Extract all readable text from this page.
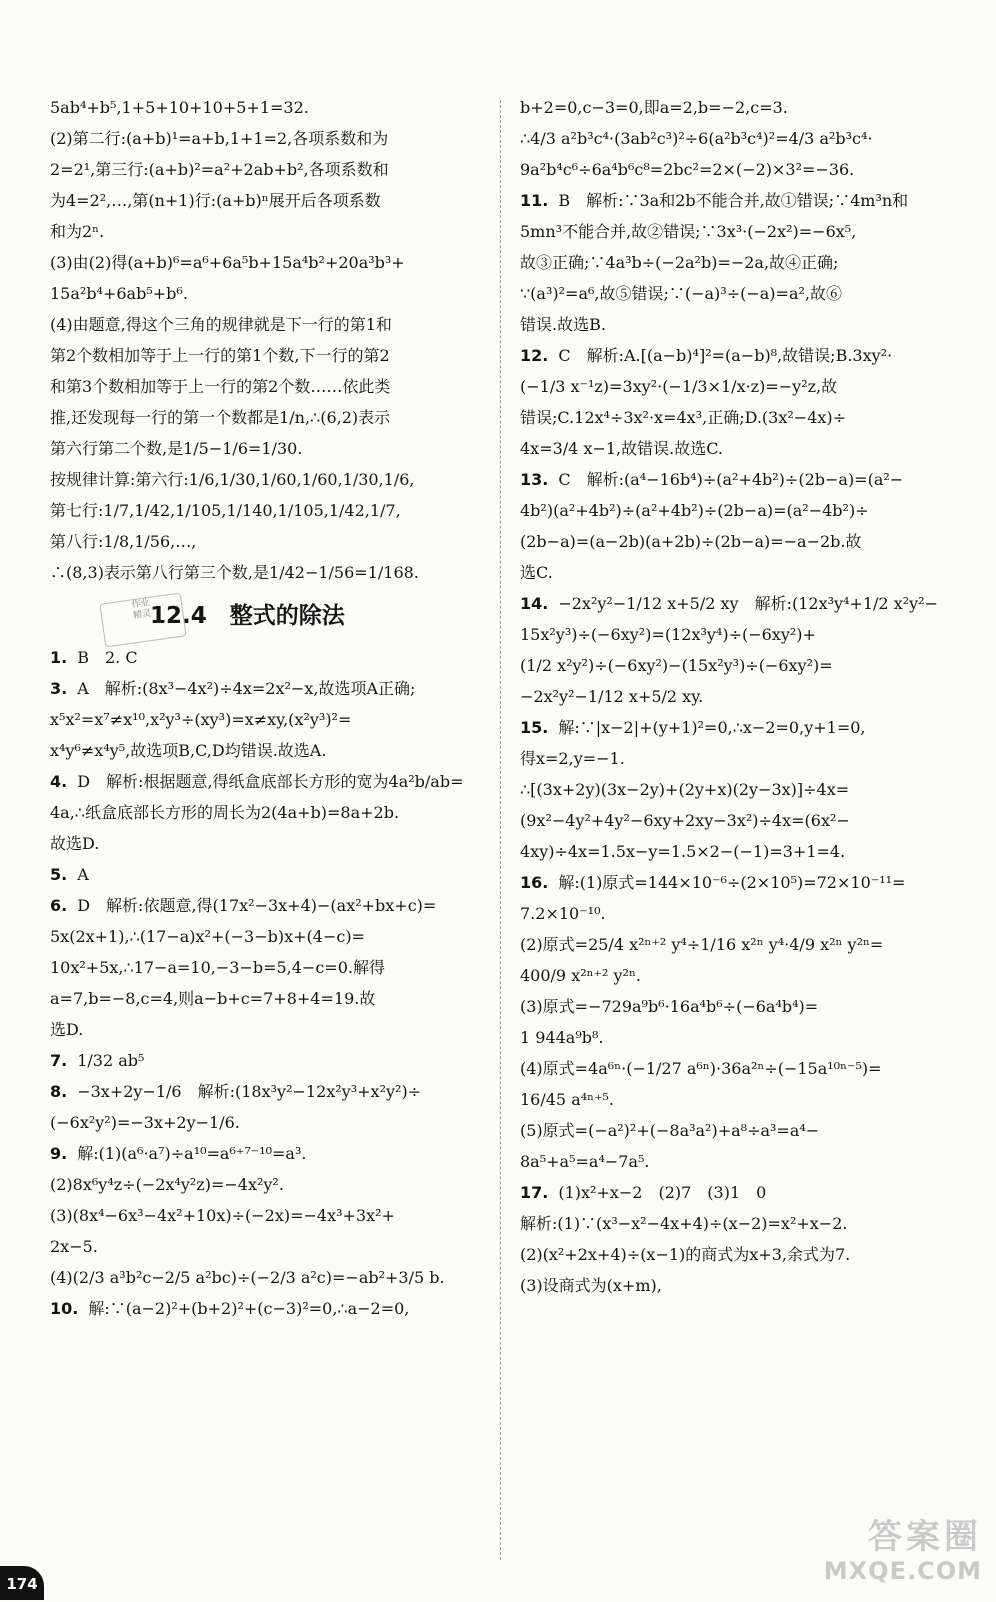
5ab⁴+b⁵,1+5+10+10+5+1=32.
(2)第二行:(a+b)¹=a+b,1+1=2,各项系数和为
2=2¹,第三行:(a+b)²=a²+2ab+b²,各项系数和
为4=2²,…,第(n+1)行:(a+b)ⁿ展开后各项系数
和为2ⁿ.
(3)由(2)得(a+b)⁶=a⁶+6a⁵b+15a⁴b²+20a³b³+
15a²b⁴+6ab⁵+b⁶.
(4)由题意,得这个三角的规律就是下一行的第1和
第2个数相加等于上一行的第1个数,下一行的第2
和第3个数相加等于上一行的第2个数……依此类
推,还发现每一行的第一个数都是1/n,∴(6,2)表示
第六行第二个数,是1/5−1/6=1/30.
按规律计算:第六行:1/6,1/30,1/60,1/60,1/30,1/6,
第七行:1/7,1/42,1/105,1/140,1/105,1/42,1/7,
第八行:1/8,1/56,…,
∴(8,3)表示第八行第三个数,是1/42−1/56=1/168.
12.4　整式的除法
作业
精灵
1. B　2. C
3. A　解析:(8x³−4x²)÷4x=2x²−x,故选项A正确;
x⁵x²=x⁷≠x¹⁰,x²y³÷(xy³)=x≠xy,(x²y³)²=
x⁴y⁶≠x⁴y⁵,故选项B,C,D均错误.故选A.
4. D　解析:根据题意,得纸盒底部长方形的宽为4a²b/ab=
4a,∴纸盒底部长方形的周长为2(4a+b)=8a+2b.
故选D.
5. A
6. D　解析:依题意,得(17x²−3x+4)−(ax²+bx+c)=
5x(2x+1),∴(17−a)x²+(−3−b)x+(4−c)=
10x²+5x,∴17−a=10,−3−b=5,4−c=0.解得
a=7,b=−8,c=4,则a−b+c=7+8+4=19.故
选D.
7. 1/32 ab⁵
8. −3x+2y−1/6　解析:(18x³y²−12x²y³+x²y²)÷
(−6x²y²)=−3x+2y−1/6.
9. 解:(1)(a⁶·a⁷)÷a¹⁰=a⁶⁺⁷⁻¹⁰=a³.
(2)8x⁶y⁴z÷(−2x⁴y²z)=−4x²y².
(3)(8x⁴−6x³−4x²+10x)÷(−2x)=−4x³+3x²+
2x−5.
(4)(2/3 a³b²c−2/5 a²bc)÷(−2/3 a²c)=−ab²+3/5 b.
10. 解:∵(a−2)²+(b+2)²+(c−3)²=0,∴a−2=0,
b+2=0,c−3=0,即a=2,b=−2,c=3.
∴4/3 a²b³c⁴·(3ab²c³)²÷6(a²b³c⁴)²=4/3 a²b³c⁴·
9a²b⁴c⁶÷6a⁴b⁶c⁸=2bc²=2×(−2)×3²=−36.
11. B　解析:∵3a和2b不能合并,故①错误;∵4m³n和
5mn³不能合并,故②错误;∵3x³·(−2x²)=−6x⁵,
故③正确;∵4a³b÷(−2a²b)=−2a,故④正确;
∵(a³)²=a⁶,故⑤错误;∵(−a)³÷(−a)=a²,故⑥
错误.故选B.
12. C　解析:A.[(a−b)⁴]²=(a−b)⁸,故错误;B.3xy²·
(−1/3 x⁻¹z)=3xy²·(−1/3×1/x·z)=−y²z,故
错误;C.12x⁴÷3x²·x=4x³,正确;D.(3x²−4x)÷
4x=3/4 x−1,故错误.故选C.
13. C　解析:(a⁴−16b⁴)÷(a²+4b²)÷(2b−a)=(a²−
4b²)(a²+4b²)÷(a²+4b²)÷(2b−a)=(a²−4b²)÷
(2b−a)=(a−2b)(a+2b)÷(2b−a)=−a−2b.故
选C.
14. −2x²y²−1/12 x+5/2 xy　解析:(12x³y⁴+1/2 x²y²−
15x²y³)÷(−6xy²)=(12x³y⁴)÷(−6xy²)+
(1/2 x²y²)÷(−6xy²)−(15x²y³)÷(−6xy²)=
−2x²y²−1/12 x+5/2 xy.
15. 解:∵|x−2|+(y+1)²=0,∴x−2=0,y+1=0,
得x=2,y=−1.
∴[(3x+2y)(3x−2y)+(2y+x)(2y−3x)]÷4x=
(9x²−4y²+4y²−6xy+2xy−3x²)÷4x=(6x²−
4xy)÷4x=1.5x−y=1.5×2−(−1)=3+1=4.
16. 解:(1)原式=144×10⁻⁶÷(2×10⁵)=72×10⁻¹¹=
7.2×10⁻¹⁰.
(2)原式=25/4 x²ⁿ⁺² y⁴÷1/16 x²ⁿ y⁴·4/9 x²ⁿ y²ⁿ=
400/9 x²ⁿ⁺² y²ⁿ.
(3)原式=−729a⁹b⁶·16a⁴b⁶÷(−6a⁴b⁴)=
1 944a⁹b⁸.
(4)原式=4a⁶ⁿ·(−1/27 a⁶ⁿ)·36a²ⁿ÷(−15a¹⁰ⁿ⁻⁵)=
16/45 a⁴ⁿ⁺⁵.
(5)原式=(−a²)²+(−8a³a²)+a⁸÷a³=a⁴−
8a⁵+a⁵=a⁴−7a⁵.
17. (1)x²+x−2　(2)7　(3)1　0
解析:(1)∵(x³−x²−4x+4)÷(x−2)=x²+x−2.
(2)(x²+2x+4)÷(x−1)的商式为x+3,余式为7.
(3)设商式为(x+m),
174
答案圈
MXQE.COM
